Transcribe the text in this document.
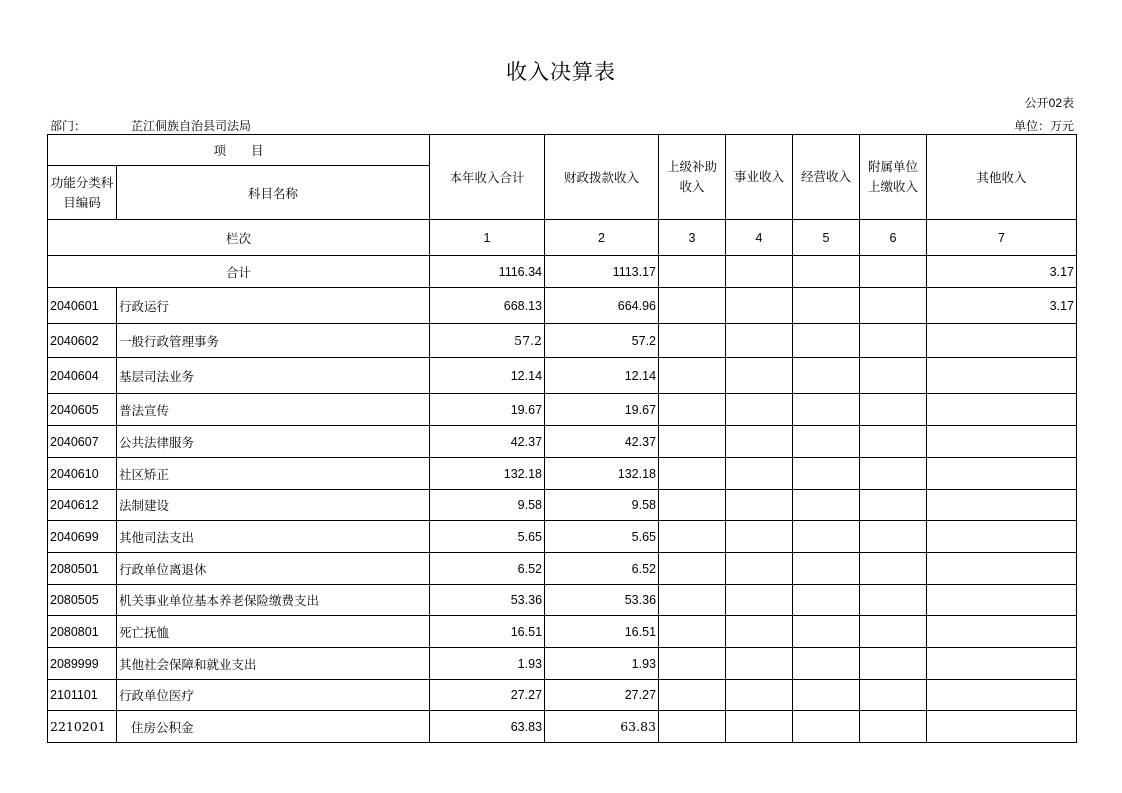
收入决算表
公开02表
部门：	芷江侗族自治县司法局	单位：万元
项　　目		本年收入合计	财政拨款收入	上级补助收入	事业收入	经营收入	附属单位上缴收入	其他收入
功能分类科目编码	科目名称							
栏次		1	2	3	4	5	6	7
合计		1116.34	1113.17					3.17
2040601	行政运行	668.13	664.96					3.17
2040602	一般行政管理事务	57.2	57.2					
2040604	基层司法业务	12.14	12.14					
2040605	普法宣传	19.67	19.67					
2040607	公共法律服务	42.37	42.37					
2040610	社区矫正	132.18	132.18					
2040612	法制建设	9.58	9.58					
2040699	其他司法支出	5.65	5.65					
2080501	行政单位离退休	6.52	6.52					
2080505	机关事业单位基本养老保险缴费支出	53.36	53.36					
2080801	死亡抚恤	16.51	16.51					
2089999	其他社会保障和就业支出	1.93	1.93					
2101101	行政单位医疗	27.27	27.27					
2210201	住房公积金	63.83	63.83					
